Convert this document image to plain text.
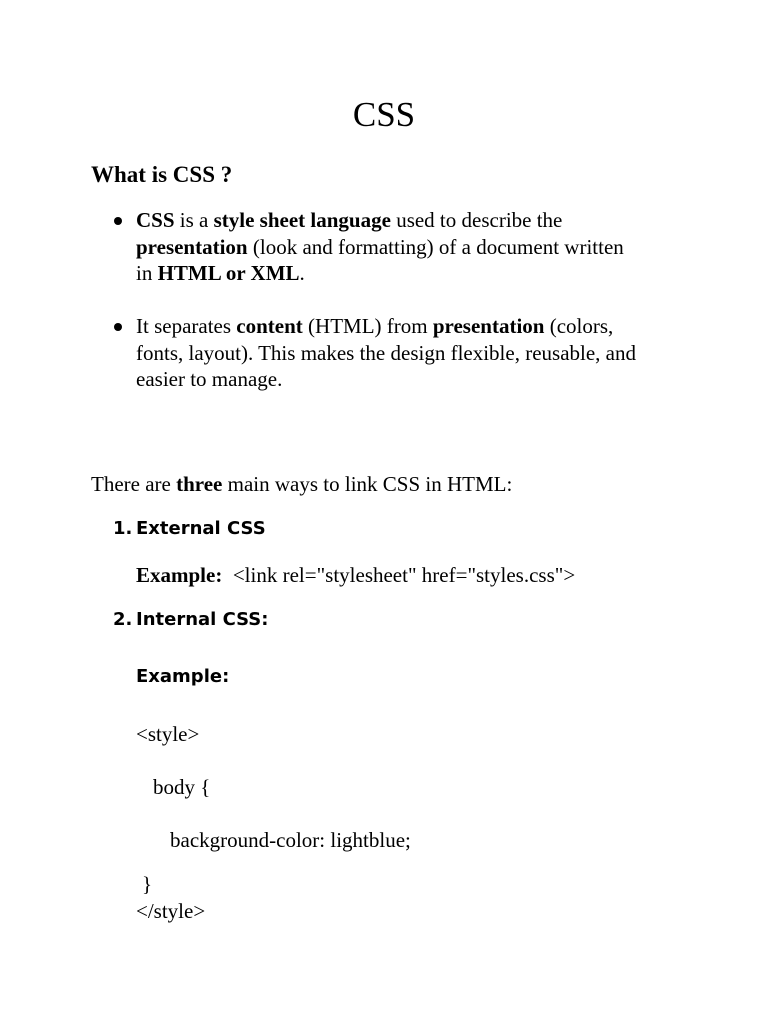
CSS
What is CSS ?
CSS is a style sheet language used to describe the
presentation (look and formatting) of a document written
in HTML or XML.
It separates content (HTML) from presentation (colors,
fonts, layout). This makes the design flexible, reusable, and
easier to manage.
There are three main ways to link CSS in HTML:
1. External CSS
Example: <link rel="stylesheet" href="styles.css">
2. Internal CSS:
Example:
<style>
body {
background-color: lightblue;
}
</style>
